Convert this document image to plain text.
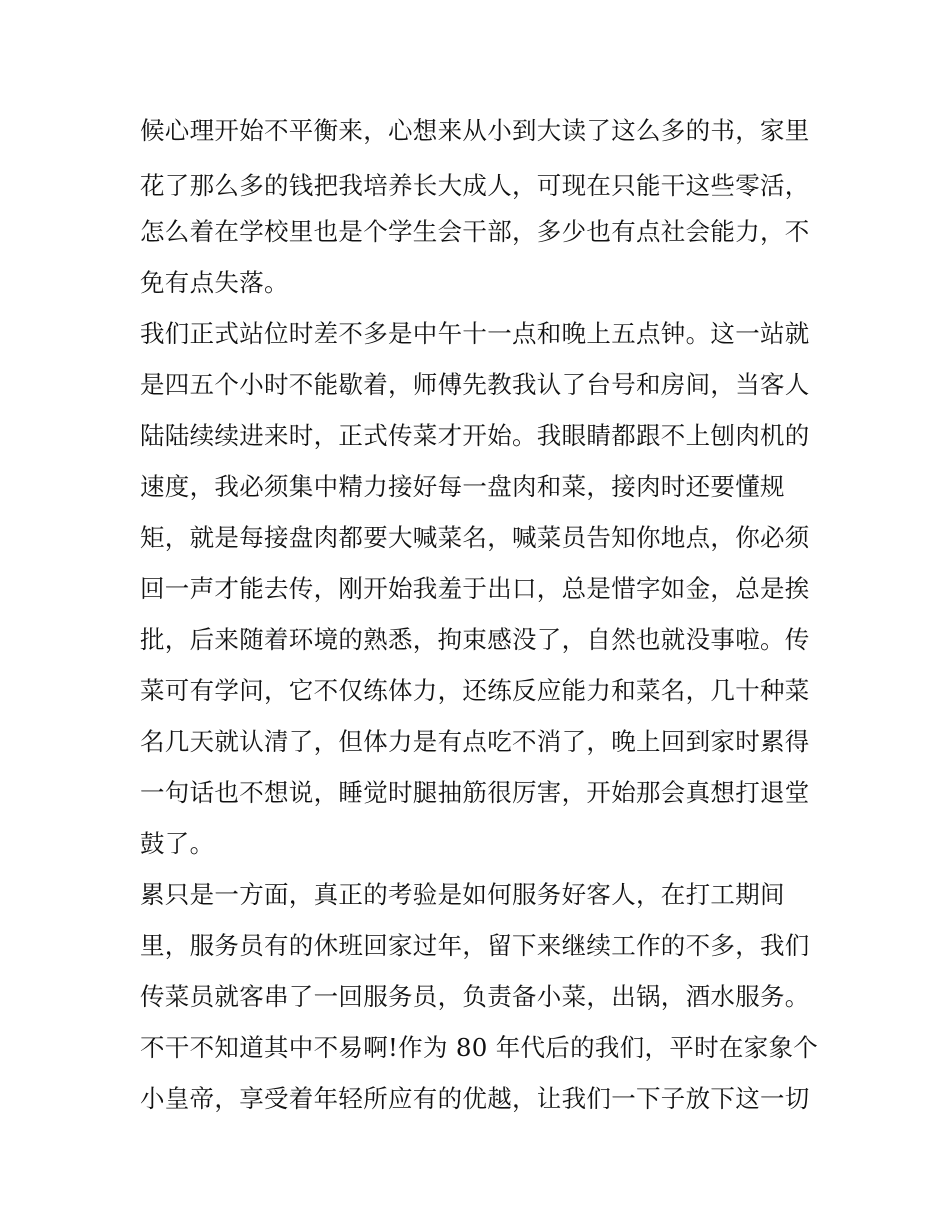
候心理开始不平衡来，心想来从小到大读了这么多的书，家里
花了那么多的钱把我培养长大成人，可现在只能干这些零活，
怎么着在学校里也是个学生会干部，多少也有点社会能力，不
免有点失落。
我们正式站位时差不多是中午十一点和晚上五点钟。这一站就
是四五个小时不能歇着，师傅先教我认了台号和房间，当客人
陆陆续续进来时，正式传菜才开始。我眼睛都跟不上刨肉机的
速度，我必须集中精力接好每一盘肉和菜，接肉时还要懂规
矩，就是每接盘肉都要大喊菜名，喊菜员告知你地点，你必须
回一声才能去传，刚开始我羞于出口，总是惜字如金，总是挨
批，后来随着环境的熟悉，拘束感没了，自然也就没事啦。传
菜可有学问，它不仅练体力，还练反应能力和菜名，几十种菜
名几天就认清了，但体力是有点吃不消了，晚上回到家时累得
一句话也不想说，睡觉时腿抽筋很厉害，开始那会真想打退堂
鼓了。
累只是一方面，真正的考验是如何服务好客人，在打工期间
里，服务员有的休班回家过年，留下来继续工作的不多，我们
传菜员就客串了一回服务员，负责备小菜，出锅，酒水服务。
不干不知道其中不易啊!作为 80 年代后的我们，平时在家象个
小皇帝，享受着年轻所应有的优越，让我们一下子放下这一切
